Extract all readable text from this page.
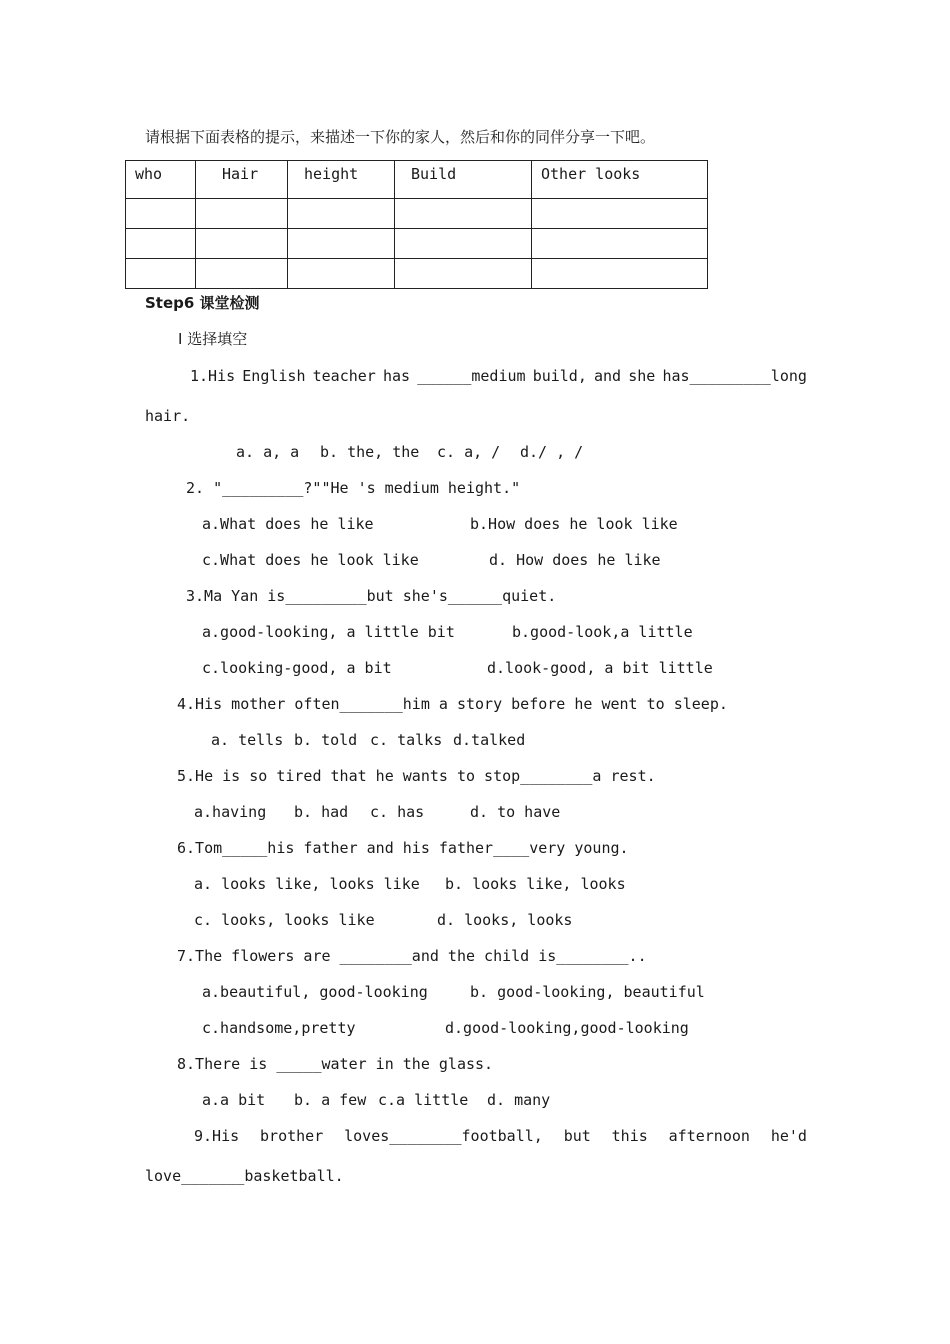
请根据下面表格的提示，来描述一下你的家人，然后和你的同伴分享一下吧。
who	Hair	height	Build	Other looks

Step6 课堂检测
I 选择填空
1.His English teacher has ______medium build, and she has_________long
hair.
a. a, a b. the, the c. a, / d./ , /
2. "_________?""He 's medium height."
a.What does he like	b.How does he look like
c.What does he look like	d. How does he like
3.Ma Yan is_________but she's______quiet.
a.good-looking, a little bit	b.good-look,a little
c.looking-good, a bit	d.look-good, a bit little
4.His mother often_______him a story before he went to sleep.
a. tells b. told c. talks d.talked
5.He is so tired that he wants to stop________a rest.
a.having b. had c. has	d. to have
6.Tom_____his father and his father____very young.
a. looks like, looks like b. looks like, looks
c. looks, looks like	d. looks, looks
7.The flowers are ________and the child is________..
a.beautiful, good-looking	b. good-looking, beautiful
c.handsome,pretty	d.good-looking,good-looking
8.There is _____water in the glass.
a.a bit b. a few c.a little d. many
9.His brother loves________football, but this afternoon he'd
love_______basketball.
